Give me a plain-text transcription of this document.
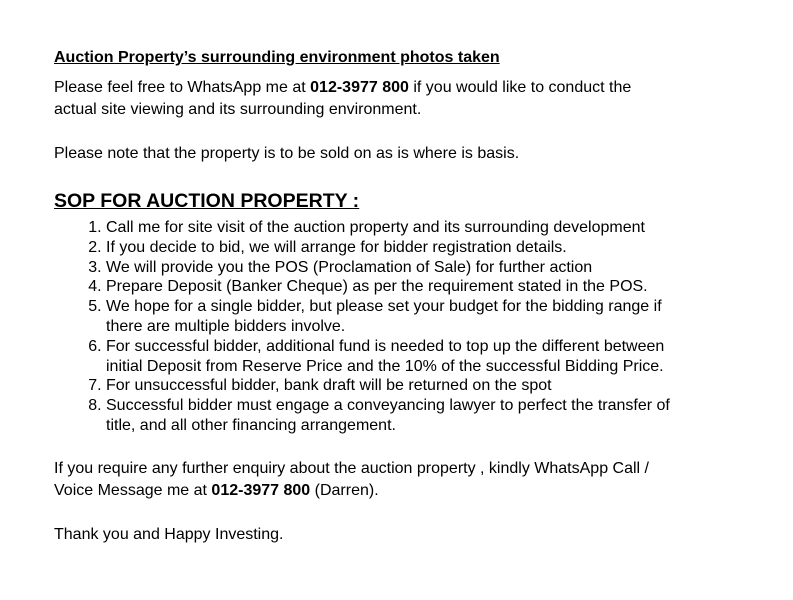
Auction Property’s surrounding environment photos taken

Please feel free to WhatsApp me at 012-3977 800 if you would like to conduct the
actual site viewing and its surrounding environment.

Please note that the property is to be sold on as is where is basis.

SOP FOR AUCTION PROPERTY :

1. Call me for site visit of the auction property and its surrounding development
2. If you decide to bid, we will arrange for bidder registration details.
3. We will provide you the POS (Proclamation of Sale) for further action
4. Prepare Deposit (Banker Cheque) as per the requirement stated in the POS.
5. We hope for a single bidder, but please set your budget for the bidding range if
there are multiple bidders involve.
6. For successful bidder, additional fund is needed to top up the different between
initial Deposit from Reserve Price and the 10% of the successful Bidding Price.
7. For unsuccessful bidder, bank draft will be returned on the spot
8. Successful bidder must engage a conveyancing lawyer to perfect the transfer of
title, and all other financing arrangement.

If you require any further enquiry about the auction property , kindly WhatsApp Call /
Voice Message me at 012-3977 800 (Darren).

Thank you and Happy Investing.
